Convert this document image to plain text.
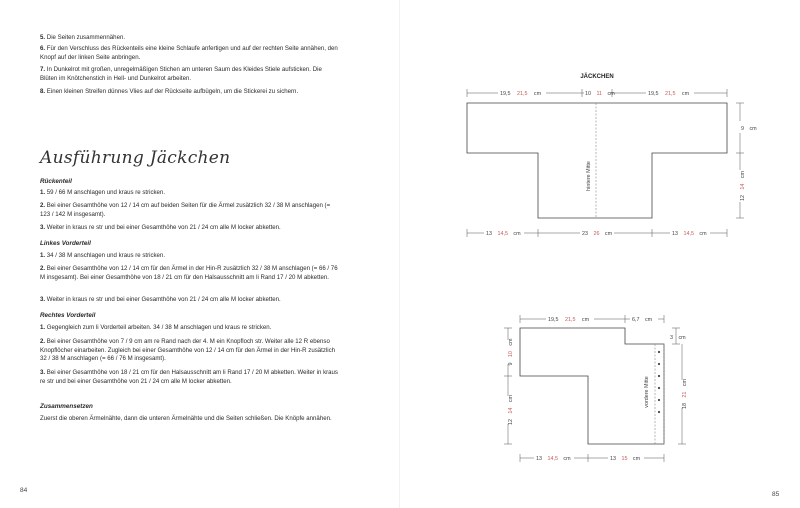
5. Die Seiten zusammennähen.
6. Für den Verschluss des Rückenteils eine kleine Schlaufe anfertigen und auf der rechten Seite annähen, den Knopf auf der linken Seite anbringen.
7. In Dunkelrot mit großen, unregelmäßigen Stichen am unteren Saum des Kleides Stiele aufsticken. Die Blüten im Knötchenstich in Hell- und Dunkelrot arbeiten.
8. Einen kleinen Streifen dünnes Vlies auf der Rückseite aufbügeln, um die Stickerei zu sichern.
Ausführung Jäckchen
Rückenteil
1. 59 / 66 M anschlagen und kraus re stricken.
2. Bei einer Gesamthöhe von 12 / 14 cm auf beiden Seiten für die Ärmel zusätzlich 32 / 38 M anschlagen (= 123 / 142 M insgesamt).
3. Weiter in kraus re str und bei einer Gesamthöhe von 21 / 24 cm alle M locker abketten.
Linkes Vorderteil
1. 34 / 38 M anschlagen und kraus re stricken.
2. Bei einer Gesamthöhe von 12 / 14 cm für den Ärmel in der Hin-R zusätzlich 32 / 38 M anschlagen (= 66 / 76 M insgesamt). Bei einer Gesamthöhe von 18 / 21 cm für den Halsausschnitt am li Rand 17 / 20 M abketten.
3. Weiter in kraus re str und bei einer Gesamthöhe von 21 / 24 cm alle M locker abketten.
Rechtes Vorderteil
1. Gegengleich zum li Vorderteil arbeiten. 34 / 38 M anschlagen und kraus re stricken.
2. Bei einer Gesamthöhe von 7 / 9 cm am re Rand nach der 4. M ein Knopfloch str. Weiter alle 12 R ebenso Knopflöcher einarbeiten. Zugleich bei einer Gesamthöhe von 12 / 14 cm für den Ärmel in der Hin-R zusätzlich 32 / 38 M anschlagen (= 66 / 76 M insgesamt).
3. Bei einer Gesamthöhe von 18 / 21 cm für den Halsausschnitt am li Rand 17 / 20 M abketten. Weiter in kraus re str und bei einer Gesamthöhe von 21 / 24 cm alle M locker abketten.
Zusammensetzen
Zuerst die oberen Ärmelnähte, dann die unteren Ärmelnähte und die Seiten schließen. Die Knöpfe annähen.
84
JÄCKCHEN
19,5 21,5 cm	10 11 cm	19,5 21,5 cm
hintere Mitte
9 cm
12 14 cm
13 14,5 cm	23 26 cm	13 14,5 cm
19,5 21,5 cm	6,7 cm
vordere Mitte
9 10 cm
12 14 cm
3 cm
18 21 cm
13 14,5 cm	13 15 cm
85
